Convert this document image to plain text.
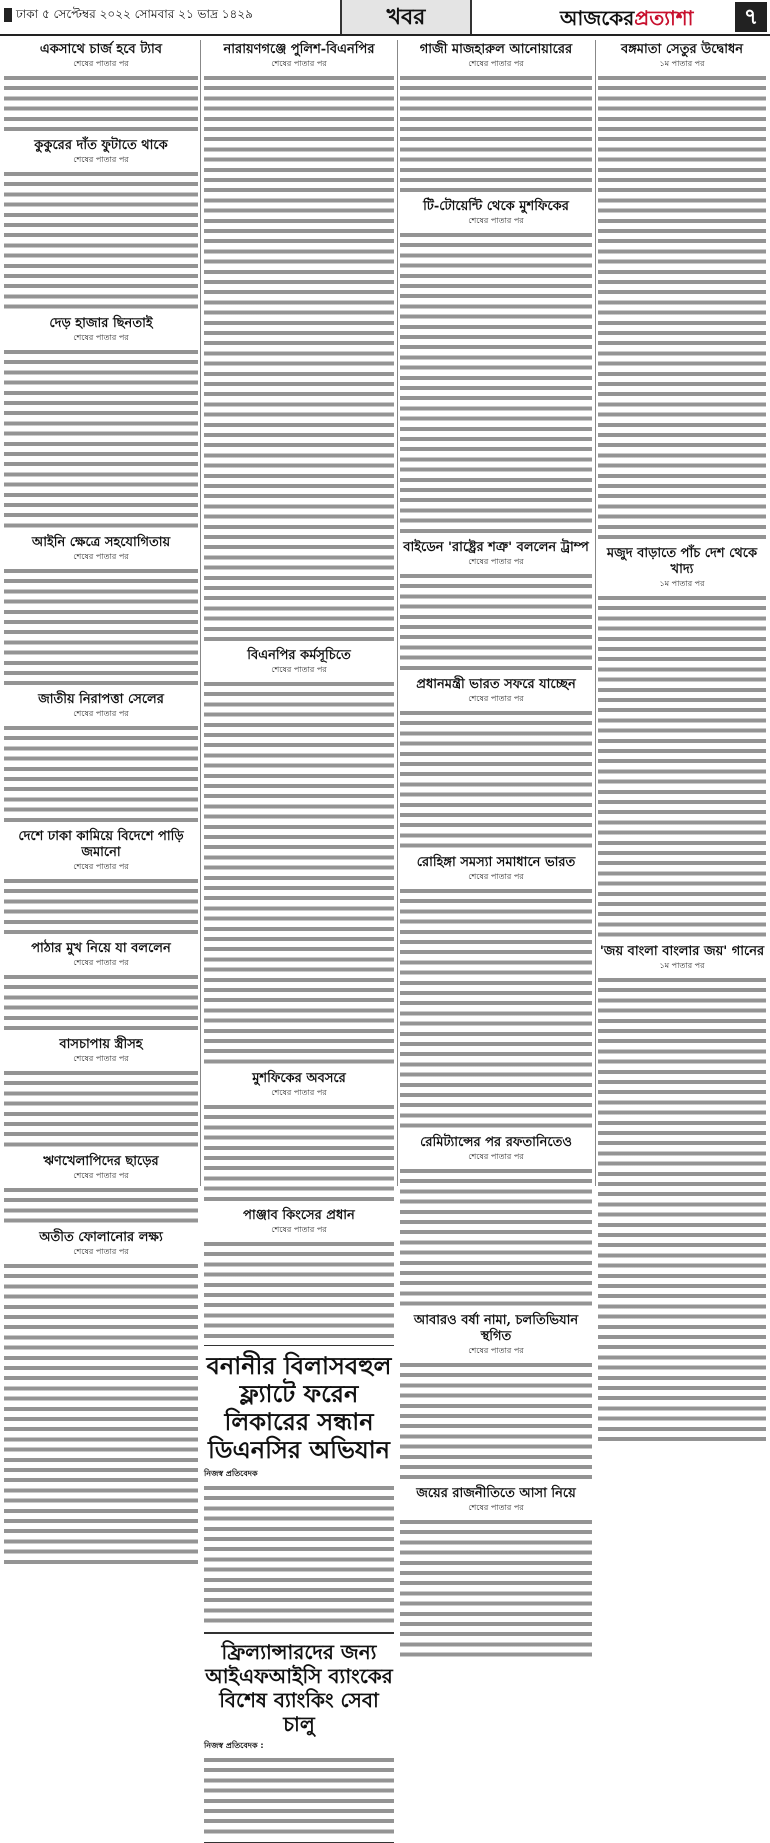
ঢাকা ৫ সেপ্টেম্বর ২০২২ সোমবার ২১ ভাদ্র ১৪২৯	খবর	আজকেরপ্রত্যাশা	৭
একসাথে চার্জ হবে ট্যাব
শেষের পাতার পর
কুকুরের দাঁত ফুটাতে থাকে
শেষের পাতার পর
দেড় হাজার ছিনতাই
শেষের পাতার পর
আইনি ক্ষেত্রে সহযোগিতায়
শেষের পাতার পর
জাতীয় নিরাপত্তা সেলের
শেষের পাতার পর
দেশে ঢাকা কামিয়ে বিদেশে পাড়ি জমানো
শেষের পাতার পর
পাঠার মুখ নিয়ে যা বললেন
শেষের পাতার পর
বাসচাপায় স্ত্রীসহ
শেষের পাতার পর
ঋণখেলাপিদের ছাড়ের
শেষের পাতার পর
অতীত ফোলানোর লক্ষ্য
শেষের পাতার পর
নারায়ণগঞ্জে পুলিশ-বিএনপির
শেষের পাতার পর
বিএনপির কর্মসূচিতে
শেষের পাতার পর
মুশফিকের অবসরে
শেষের পাতার পর
পাঞ্জাব কিংসের প্রধান
শেষের পাতার পর
বনানীর বিলাসবহুল ফ্ল্যাটে ফরেন লিকারের সন্ধান ডিএনসির অভিযান
নিজস্ব প্রতিবেদক
ফ্রিল্যান্সারদের জন্য আইএফআইসি ব্যাংকের বিশেষ ব্যাংকিং সেবা চালু
নিজস্ব প্রতিবেদক :
গাজী মাজহারুল আনোয়ারের
শেষের পাতার পর
টি-টোয়েন্টি থেকে মুশফিকের
শেষের পাতার পর
বাইডেন 'রাষ্ট্রের শত্রু' বললেন ট্রাম্প
শেষের পাতার পর
প্রধানমন্ত্রী ভারত সফরে যাচ্ছেন
শেষের পাতার পর
রোহিঙ্গা সমস্যা সমাধানে ভারত
শেষের পাতার পর
রেমিট্যান্সের পর রফতানিতেও
শেষের পাতার পর
আবারও বর্ষা নামা, চলতিভিযান স্থগিত
শেষের পাতার পর
জয়ের রাজনীতিতে আসা নিয়ে
শেষের পাতার পর
বঙ্গমাতা সেতুর উদ্বোধন
১ম পাতার পর
মজুদ বাড়াতে পাঁচ দেশ থেকে খাদ্য
১ম পাতার পর
'জয় বাংলা বাংলার জয়' গানের
১ম পাতার পর
